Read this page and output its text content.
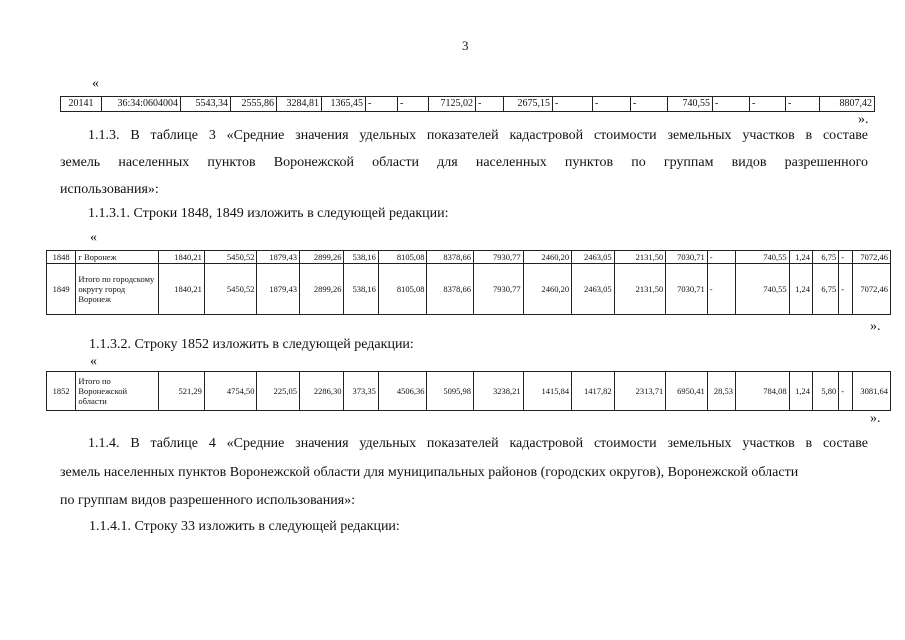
3
«
20141	36:34:0604004	5543,34	2555,86	3284,81	1365,45	-	-	7125,02	-	2675,15	-	-	-	740,55	-	-	-	8807,42
».
1.1.3. В таблице 3 «Средние значения удельных показателей кадастровой стоимости земельных участков в составе
земель населенных пунктов Воронежской области для населенных пунктов по группам видов разрешенного
использования»:
1.1.3.1. Строки 1848, 1849 изложить в следующей редакции:
«
1848	г Воронеж	1840,21	5450,52	1879,43	2899,26	538,16	8105,08	8378,66	7930,77	2460,20	2463,05	2131,50	7030,71	-	740,55	1,24	6,75	-	7072,46
1849	Итого по городскому округу город Воронеж	1840,21	5450,52	1879,43	2899,26	538,16	8105,08	8378,66	7930,77	2460,20	2463,05	2131,50	7030,71	-	740,55	1,24	6,75	-	7072,46
».
1.1.3.2. Строку 1852 изложить в следующей редакции:
«
1852	Итого по Воронежской области	521,29	4754,50	225,05	2286,30	373,35	4506,36	5095,98	3238,21	1415,84	1417,82	2313,71	6950,41	28,53	784,08	1,24	5,80	-	3081,64
».
1.1.4. В таблице 4 «Средние значения удельных показателей кадастровой стоимости земельных участков в составе
земель населенных пунктов Воронежской области для муниципальных районов (городских округов), Воронежской области
по группам видов разрешенного использования»:
1.1.4.1. Строку 33 изложить в следующей редакции:
